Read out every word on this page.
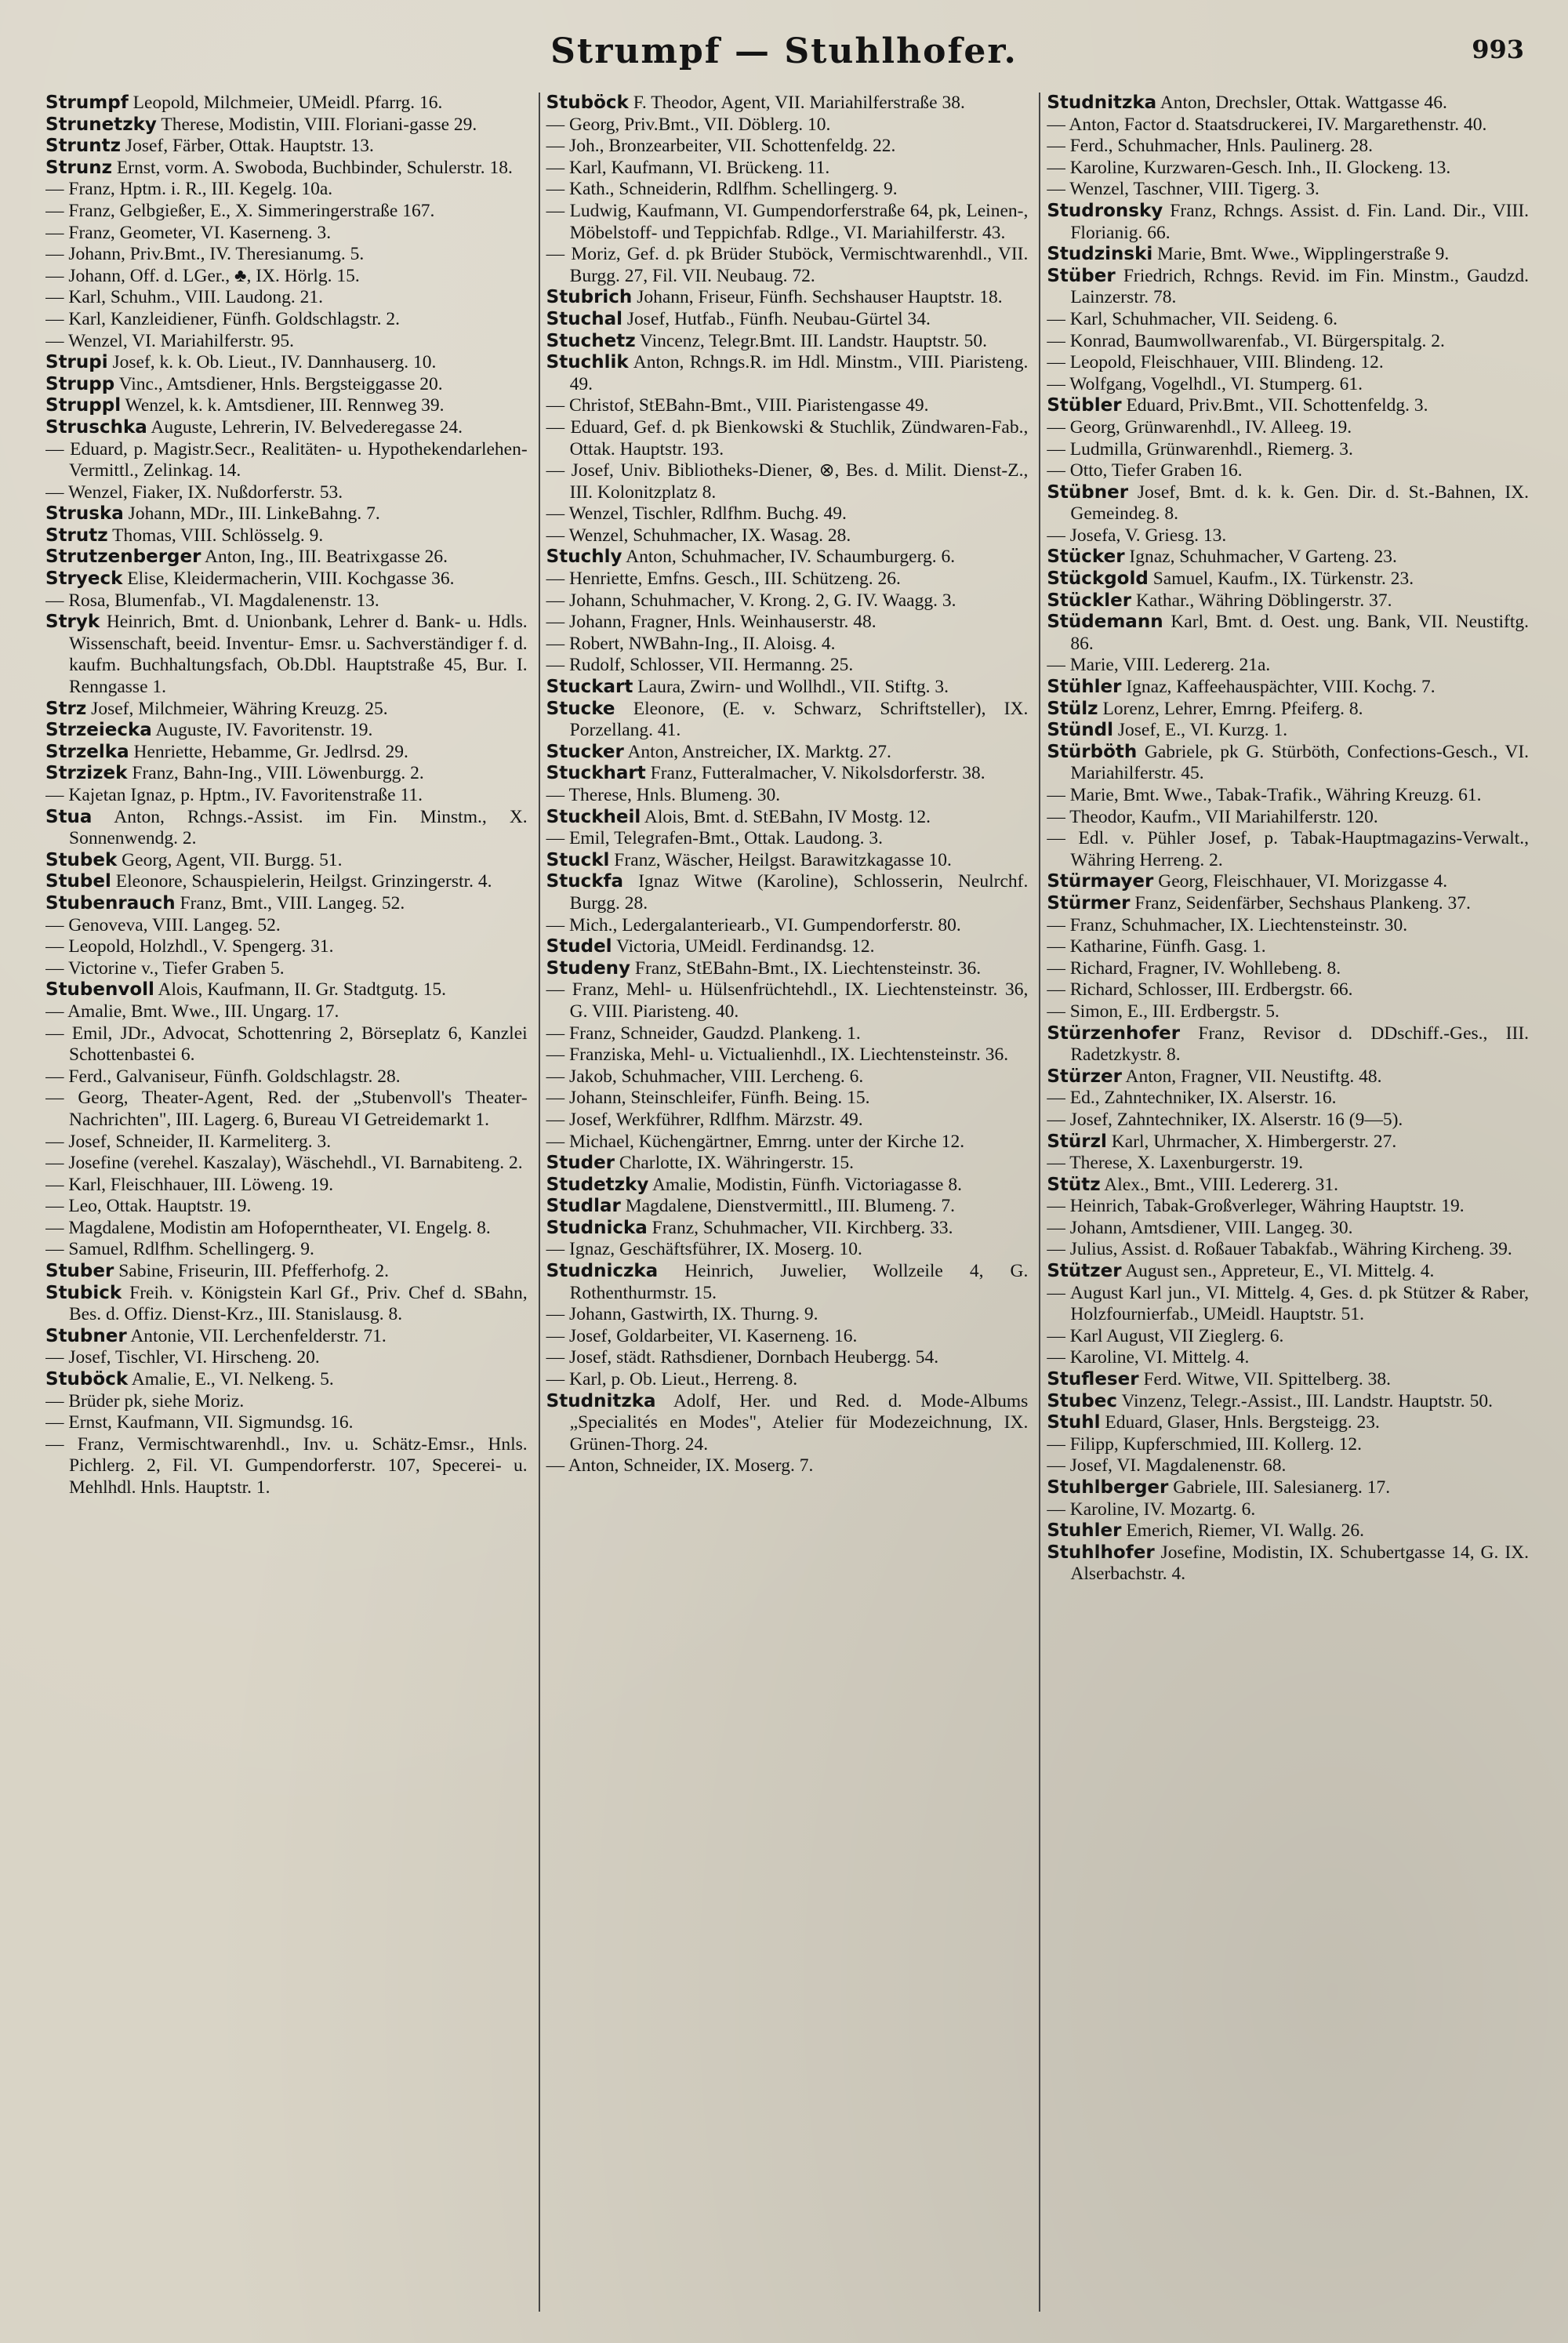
Strumpf — Stuhlhofer.	993

Strumpf Leopold, Milchmeier, UMeidl. Pfarrg. 16.

Strunetzky Therese, Modistin, VIII. Floriani-gasse 29.

Struntz Josef, Färber, Ottak. Hauptstr. 13.

Strunz Ernst, vorm. A. Swoboda, Buchbinder, Schulerstr. 18.

— Franz, Hptm. i. R., III. Kegelg. 10a.

— Franz, Gelbgießer, E., X. Simmeringerstraße 167.

— Franz, Geometer, VI. Kaserneng. 3.

— Johann, Priv.Bmt., IV. Theresianumg. 5.

— Johann, Off. d. LGer., ♣, IX. Hörlg. 15.

— Karl, Schuhm., VIII. Laudong. 21.

— Karl, Kanzleidiener, Fünfh. Goldschlagstr. 2.

— Wenzel, VI. Mariahilferstr. 95.

Strupi Josef, k. k. Ob. Lieut., IV. Dannhauserg. 10.

Strupp Vinc., Amtsdiener, Hnls. Bergsteiggasse 20.

Struppl Wenzel, k. k. Amtsdiener, III. Rennweg 39.

Struschka Auguste, Lehrerin, IV. Belvederegasse 24.

— Eduard, p. Magistr.Secr., Realitäten- u. Hypothekendarlehen-Vermittl., Zelinkag. 14.

— Wenzel, Fiaker, IX. Nußdorferstr. 53.

Struska Johann, MDr., III. LinkeBahng. 7.

Strutz Thomas, VIII. Schlösselg. 9.

Strutzenberger Anton, Ing., III. Beatrixgasse 26.

Stryeck Elise, Kleidermacherin, VIII. Kochgasse 36.

— Rosa, Blumenfab., VI. Magdalenenstr. 13.

Stryk Heinrich, Bmt. d. Unionbank, Lehrer d. Bank- u. Hdls. Wissenschaft, beeid. Inventur- Emsr. u. Sachverständiger f. d. kaufm. Buchhaltungsfach, Ob.Dbl. Hauptstraße 45, Bur. I. Renngasse 1.

Strz Josef, Milchmeier, Währing Kreuzg. 25.

Strzeiecka Auguste, IV. Favoritenstr. 19.

Strzelka Henriette, Hebamme, Gr. Jedlrsd. 29.

Strzizek Franz, Bahn-Ing., VIII. Löwenburgg. 2.

— Kajetan Ignaz, p. Hptm., IV. Favoritenstraße 11.

Stua Anton, Rchngs.-Assist. im Fin. Minstm., X. Sonnenwendg. 2.

Stubek Georg, Agent, VII. Burgg. 51.

Stubel Eleonore, Schauspielerin, Heilgst. Grinzingerstr. 4.

Stubenrauch Franz, Bmt., VIII. Langeg. 52.

— Genoveva, VIII. Langeg. 52.

— Leopold, Holzhdl., V. Spengerg. 31.

— Victorine v., Tiefer Graben 5.

Stubenvoll Alois, Kaufmann, II. Gr. Stadtgutg. 15.

— Amalie, Bmt. Wwe., III. Ungarg. 17.

— Emil, JDr., Advocat, Schottenring 2, Börseplatz 6, Kanzlei Schottenbastei 6.

— Ferd., Galvaniseur, Fünfh. Goldschlagstr. 28.

— Georg, Theater-Agent, Red. der „Stubenvoll's Theater-Nachrichten", III. Lagerg. 6, Bureau VI Getreidemarkt 1.

— Josef, Schneider, II. Karmeliterg. 3.

— Josefine (verehel. Kaszalay), Wäschehdl., VI. Barnabiteng. 2.

— Karl, Fleischhauer, III. Löweng. 19.

— Leo, Ottak. Hauptstr. 19.

— Magdalene, Modistin am Hofoperntheater, VI. Engelg. 8.

— Samuel, Rdlfhm. Schellingerg. 9.

Stuber Sabine, Friseurin, III. Pfefferhofg. 2.

Stubick Freih. v. Königstein Karl Gf., Priv. Chef d. SBahn, Bes. d. Offiz. Dienst-Krz., III. Stanislausg. 8.

Stubner Antonie, VII. Lerchenfelderstr. 71.

— Josef, Tischler, VI. Hirscheng. 20.

Stuböck Amalie, E., VI. Nelkeng. 5.

— Brüder pk, siehe Moriz.

— Ernst, Kaufmann, VII. Sigmundsg. 16.

— Franz, Vermischtwarenhdl., Inv. u. Schätz-Emsr., Hnls. Pichlerg. 2, Fil. VI. Gumpendorferstr. 107, Specerei- u. Mehlhdl. Hnls. Hauptstr. 1.

Stuböck F. Theodor, Agent, VII. Mariahilferstraße 38.

— Georg, Priv.Bmt., VII. Döblerg. 10.

— Joh., Bronzearbeiter, VII. Schottenfeldg. 22.

— Karl, Kaufmann, VI. Brückeng. 11.

— Kath., Schneiderin, Rdlfhm. Schellingerg. 9.

— Ludwig, Kaufmann, VI. Gumpendorferstraße 64, pk, Leinen-, Möbelstoff- und Teppichfab. Rdlge., VI. Mariahilferstr. 43.

— Moriz, Gef. d. pk Brüder Stuböck, Vermischtwarenhdl., VII. Burgg. 27, Fil. VII. Neubaug. 72.

Stubrich Johann, Friseur, Fünfh. Sechshauser Hauptstr. 18.

Stuchal Josef, Hutfab., Fünfh. Neubau-Gürtel 34.

Stuchetz Vincenz, Telegr.Bmt. III. Landstr. Hauptstr. 50.

Stuchlik Anton, Rchngs.R. im Hdl. Minstm., VIII. Piaristeng. 49.

— Christof, StEBahn-Bmt., VIII. Piaristengasse 49.

— Eduard, Gef. d. pk Bienkowski & Stuchlik, Zündwaren-Fab., Ottak. Hauptstr. 193.

— Josef, Univ. Bibliotheks-Diener, ⊗, Bes. d. Milit. Dienst-Z., III. Kolonitzplatz 8.

— Wenzel, Tischler, Rdlfhm. Buchg. 49.

— Wenzel, Schuhmacher, IX. Wasag. 28.

Stuchly Anton, Schuhmacher, IV. Schaumburgerg. 6.

— Henriette, Emfns. Gesch., III. Schützeng. 26.

— Johann, Schuhmacher, V. Krong. 2, G. IV. Waagg. 3.

— Johann, Fragner, Hnls. Weinhauserstr. 48.

— Robert, NWBahn-Ing., II. Aloisg. 4.

— Rudolf, Schlosser, VII. Hermanng. 25.

Stuckart Laura, Zwirn- und Wollhdl., VII. Stiftg. 3.

Stucke Eleonore, (E. v. Schwarz, Schriftsteller), IX. Porzellang. 41.

Stucker Anton, Anstreicher, IX. Marktg. 27.

Stuckhart Franz, Futteralmacher, V. Nikolsdorferstr. 38.

— Therese, Hnls. Blumeng. 30.

Stuckheil Alois, Bmt. d. StEBahn, IV Mostg. 12.

— Emil, Telegrafen-Bmt., Ottak. Laudong. 3.

Stuckl Franz, Wäscher, Heilgst. Barawitzkagasse 10.

Stuckfa Ignaz Witwe (Karoline), Schlosserin, Neulrchf. Burgg. 28.

— Mich., Ledergalanteriearb., VI. Gumpendorferstr. 80.

Studel Victoria, UMeidl. Ferdinandsg. 12.

Studeny Franz, StEBahn-Bmt., IX. Liechtensteinstr. 36.

— Franz, Mehl- u. Hülsenfrüchtehdl., IX. Liechtensteinstr. 36, G. VIII. Piaristeng. 40.

— Franz, Schneider, Gaudzd. Plankeng. 1.

— Franziska, Mehl- u. Victualienhdl., IX. Liechtensteinstr. 36.

— Jakob, Schuhmacher, VIII. Lercheng. 6.

— Johann, Steinschleifer, Fünfh. Being. 15.

— Josef, Werkführer, Rdlfhm. Märzstr. 49.

— Michael, Küchengärtner, Emrng. unter der Kirche 12.

Studer Charlotte, IX. Währingerstr. 15.

Studetzky Amalie, Modistin, Fünfh. Victoriagasse 8.

Studlar Magdalene, Dienstvermittl., III. Blumeng. 7.

Studnicka Franz, Schuhmacher, VII. Kirchberg. 33.

— Ignaz, Geschäftsführer, IX. Moserg. 10.

Studniczka Heinrich, Juwelier, Wollzeile 4, G. Rothenthurmstr. 15.

— Johann, Gastwirth, IX. Thurng. 9.

— Josef, Goldarbeiter, VI. Kaserneng. 16.

— Josef, städt. Rathsdiener, Dornbach Heubergg. 54.

— Karl, p. Ob. Lieut., Herreng. 8.

Studnitzka Adolf, Her. und Red. d. Mode-Albums „Specialités en Modes", Atelier für Modezeichnung, IX. Grünen-Thorg. 24.

— Anton, Schneider, IX. Moserg. 7.

Studnitzka Anton, Drechsler, Ottak. Wattgasse 46.

— Anton, Factor d. Staatsdruckerei, IV. Margarethenstr. 40.

— Ferd., Schuhmacher, Hnls. Paulinerg. 28.

— Karoline, Kurzwaren-Gesch. Inh., II. Glockeng. 13.

— Wenzel, Taschner, VIII. Tigerg. 3.

Studronsky Franz, Rchngs. Assist. d. Fin. Land. Dir., VIII. Florianig. 66.

Studzinski Marie, Bmt. Wwe., Wipplingerstraße 9.

Stüber Friedrich, Rchngs. Revid. im Fin. Minstm., Gaudzd. Lainzerstr. 78.

— Karl, Schuhmacher, VII. Seideng. 6.

— Konrad, Baumwollwarenfab., VI. Bürgerspitalg. 2.

— Leopold, Fleischhauer, VIII. Blindeng. 12.

— Wolfgang, Vogelhdl., VI. Stumperg. 61.

Stübler Eduard, Priv.Bmt., VII. Schottenfeldg. 3.

— Georg, Grünwarenhdl., IV. Alleeg. 19.

— Ludmilla, Grünwarenhdl., Riemerg. 3.

— Otto, Tiefer Graben 16.

Stübner Josef, Bmt. d. k. k. Gen. Dir. d. St.-Bahnen, IX. Gemeindeg. 8.

— Josefa, V. Griesg. 13.

Stücker Ignaz, Schuhmacher, V Garteng. 23.

Stückgold Samuel, Kaufm., IX. Türkenstr. 23.

Stückler Kathar., Währing Döblingerstr. 37.

Stüdemann Karl, Bmt. d. Oest. ung. Bank, VII. Neustiftg. 86.

— Marie, VIII. Ledererg. 21a.

Stühler Ignaz, Kaffeehauspächter, VIII. Kochg. 7.

Stülz Lorenz, Lehrer, Emrng. Pfeiferg. 8.

Stündl Josef, E., VI. Kurzg. 1.

Stürböth Gabriele, pk G. Stürböth, Confections-Gesch., VI. Mariahilferstr. 45.

— Marie, Bmt. Wwe., Tabak-Trafik., Währing Kreuzg. 61.

— Theodor, Kaufm., VII Mariahilferstr. 120.

— Edl. v. Pühler Josef, p. Tabak-Hauptmagazins-Verwalt., Währing Herreng. 2.

Stürmayer Georg, Fleischhauer, VI. Morizgasse 4.

Stürmer Franz, Seidenfärber, Sechshaus Plankeng. 37.

— Franz, Schuhmacher, IX. Liechtensteinstr. 30.

— Katharine, Fünfh. Gasg. 1.

— Richard, Fragner, IV. Wohllebeng. 8.

— Richard, Schlosser, III. Erdbergstr. 66.

— Simon, E., III. Erdbergstr. 5.

Stürzenhofer Franz, Revisor d. DDschiff.-Ges., III. Radetzkystr. 8.

Stürzer Anton, Fragner, VII. Neustiftg. 48.

— Ed., Zahntechniker, IX. Alserstr. 16.

— Josef, Zahntechniker, IX. Alserstr. 16 (9—5).

Stürzl Karl, Uhrmacher, X. Himbergerstr. 27.

— Therese, X. Laxenburgerstr. 19.

Stütz Alex., Bmt., VIII. Ledererg. 31.

— Heinrich, Tabak-Großverleger, Währing Hauptstr. 19.

— Johann, Amtsdiener, VIII. Langeg. 30.

— Julius, Assist. d. Roßauer Tabakfab., Währing Kircheng. 39.

Stützer August sen., Appreteur, E., VI. Mittelg. 4.

— August Karl jun., VI. Mittelg. 4, Ges. d. pk Stützer & Raber, Holzfournierfab., UMeidl. Hauptstr. 51.

— Karl August, VII Zieglerg. 6.

— Karoline, VI. Mittelg. 4.

Stufleser Ferd. Witwe, VII. Spittelberg. 38.

Stubec Vinzenz, Telegr.-Assist., III. Landstr. Hauptstr. 50.

Stuhl Eduard, Glaser, Hnls. Bergsteigg. 23.

— Filipp, Kupferschmied, III. Kollerg. 12.

— Josef, VI. Magdalenenstr. 68.

Stuhlberger Gabriele, III. Salesianerg. 17.

— Karoline, IV. Mozartg. 6.

Stuhler Emerich, Riemer, VI. Wallg. 26.

Stuhlhofer Josefine, Modistin, IX. Schubertgasse 14, G. IX. Alserbachstr. 4.
